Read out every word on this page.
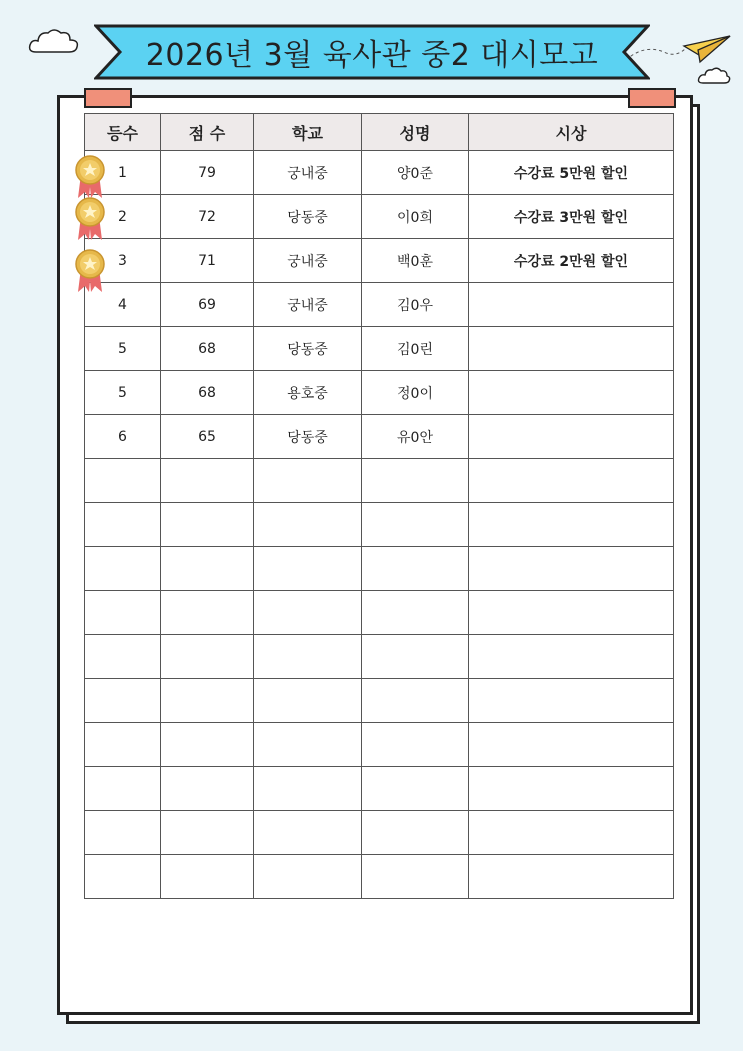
2026년 3월 육사관 중2 대시모고
등수	점 수	학교	성명	시상
1	79	궁내중	양0준	수강료 5만원 할인
2	72	당동중	이0희	수강료 3만원 할인
3	71	궁내중	백0훈	수강료 2만원 할인
4	69	궁내중	김0우	
5	68	당동중	김0린	
5	68	용호중	정0이	
6	65	당동중	유0안	
